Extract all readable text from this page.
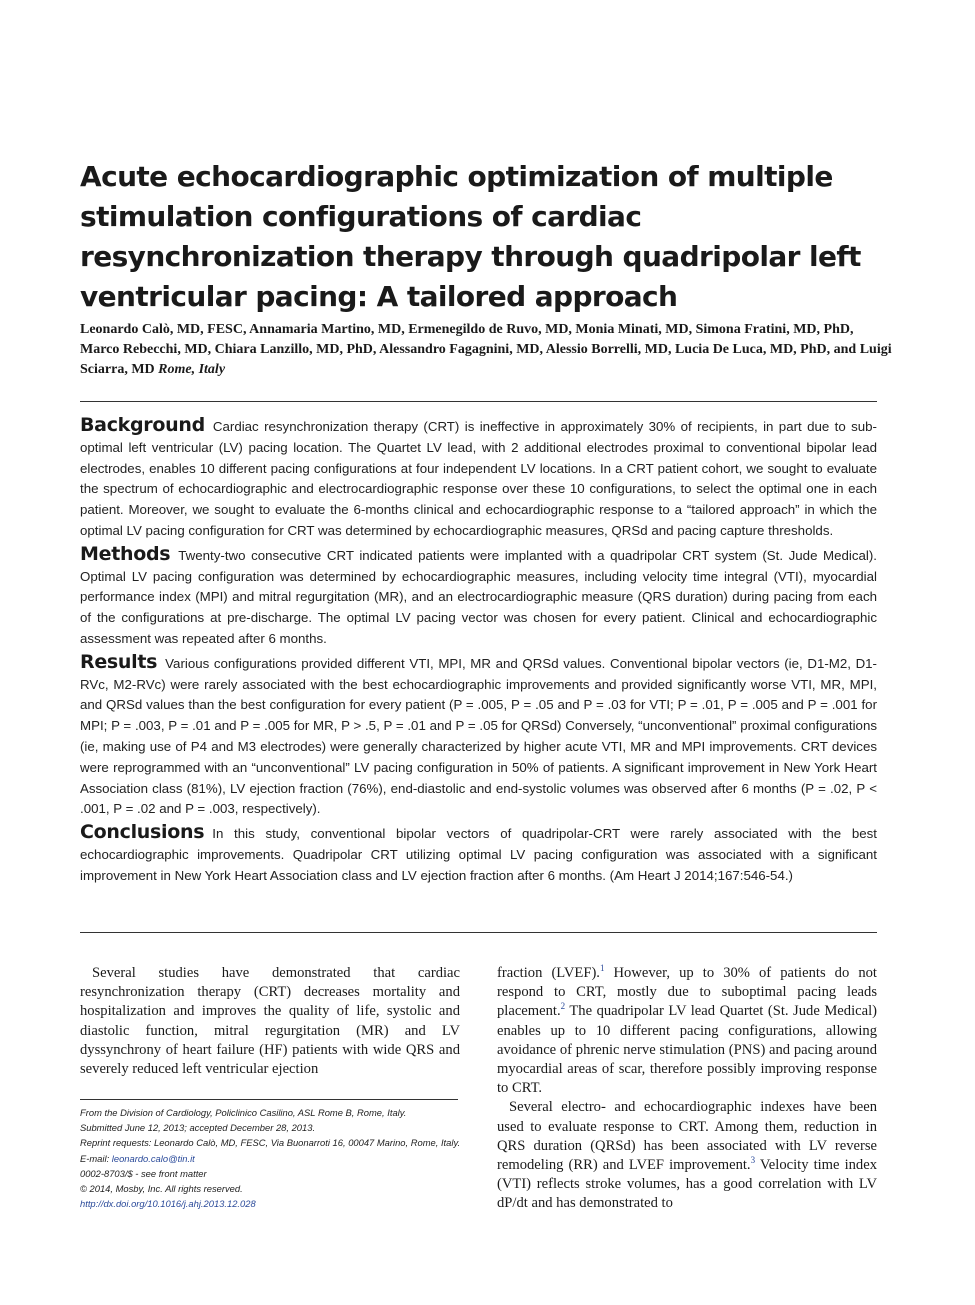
Acute echocardiographic optimization of multiple stimulation configurations of cardiac resynchronization therapy through quadripolar left ventricular pacing: A tailored approach

Leonardo Calò, MD, FESC, Annamaria Martino, MD, Ermenegildo de Ruvo, MD, Monia Minati, MD, Simona Fratini, MD, PhD, Marco Rebecchi, MD, Chiara Lanzillo, MD, PhD, Alessandro Fagagnini, MD, Alessio Borrelli, MD, Lucia De Luca, MD, PhD, and Luigi Sciarra, MD Rome, Italy

Background Cardiac resynchronization therapy (CRT) is ineffective in approximately 30% of recipients, in part due to sub-optimal left ventricular (LV) pacing location. The Quartet LV lead, with 2 additional electrodes proximal to conventional bipolar lead electrodes, enables 10 different pacing configurations at four independent LV locations. In a CRT patient cohort, we sought to evaluate the spectrum of echocardiographic and electrocardiographic response over these 10 configurations, to select the optimal one in each patient. Moreover, we sought to evaluate the 6-months clinical and echocardiographic response to a “tailored approach” in which the optimal LV pacing configuration for CRT was determined by echocardiographic measures, QRSd and pacing capture thresholds.

Methods Twenty-two consecutive CRT indicated patients were implanted with a quadripolar CRT system (St. Jude Medical). Optimal LV pacing configuration was determined by echocardiographic measures, including velocity time integral (VTI), myocardial performance index (MPI) and mitral regurgitation (MR), and an electrocardiographic measure (QRS duration) during pacing from each of the configurations at pre-discharge. The optimal LV pacing vector was chosen for every patient. Clinical and echocardiographic assessment was repeated after 6 months.

Results Various configurations provided different VTI, MPI, MR and QRSd values. Conventional bipolar vectors (ie, D1-M2, D1-RVc, M2-RVc) were rarely associated with the best echocardiographic improvements and provided significantly worse VTI, MR, MPI, and QRSd values than the best configuration for every patient (P = .005, P = .05 and P = .03 for VTI; P = .01, P = .005 and P = .001 for MPI; P = .003, P = .01 and P = .005 for MR, P > .5, P = .01 and P = .05 for QRSd) Conversely, “unconventional” proximal configurations (ie, making use of P4 and M3 electrodes) were generally characterized by higher acute VTI, MR and MPI improvements. CRT devices were reprogrammed with an “unconventional” LV pacing configuration in 50% of patients. A significant improvement in New York Heart Association class (81%), LV ejection fraction (76%), end-diastolic and end-systolic volumes was observed after 6 months (P = .02, P < .001, P = .02 and P = .003, respectively).

Conclusions In this study, conventional bipolar vectors of quadripolar-CRT were rarely associated with the best echocardiographic improvements. Quadripolar CRT utilizing optimal LV pacing configuration was associated with a significant improvement in New York Heart Association class and LV ejection fraction after 6 months. (Am Heart J 2014;167:546-54.)

Several studies have demonstrated that cardiac resynchronization therapy (CRT) decreases mortality and hospitalization and improves the quality of life, systolic and diastolic function, mitral regurgitation (MR) and LV dyssynchrony of heart failure (HF) patients with wide QRS and severely reduced left ventricular ejection

fraction (LVEF).$^1$ However, up to 30% of patients do not respond to CRT, mostly due to suboptimal pacing leads placement.$^2$ The quadripolar LV lead Quartet (St. Jude Medical) enables up to 10 different pacing configurations, allowing avoidance of phrenic nerve stimulation (PNS) and pacing around myocardial areas of scar, therefore possibly improving response to CRT.

Several electro- and echocardiographic indexes have been used to evaluate response to CRT. Among them, reduction in QRS duration (QRSd) has been associated with LV reverse remodeling (RR) and LVEF improvement.$^3$ Velocity time index (VTI) reflects stroke volumes, has a good correlation with LV dP/dt and has demonstrated to

From the Division of Cardiology, Policlinico Casilino, ASL Rome B, Rome, Italy.
Submitted June 12, 2013; accepted December 28, 2013.
Reprint requests: Leonardo Calò, MD, FESC, Via Buonarroti 16, 00047 Marino, Rome, Italy.
E-mail: leonardo.calo@tin.it
0002-8703/$ - see front matter
© 2014, Mosby, Inc. All rights reserved.
http://dx.doi.org/10.1016/j.ahj.2013.12.028
